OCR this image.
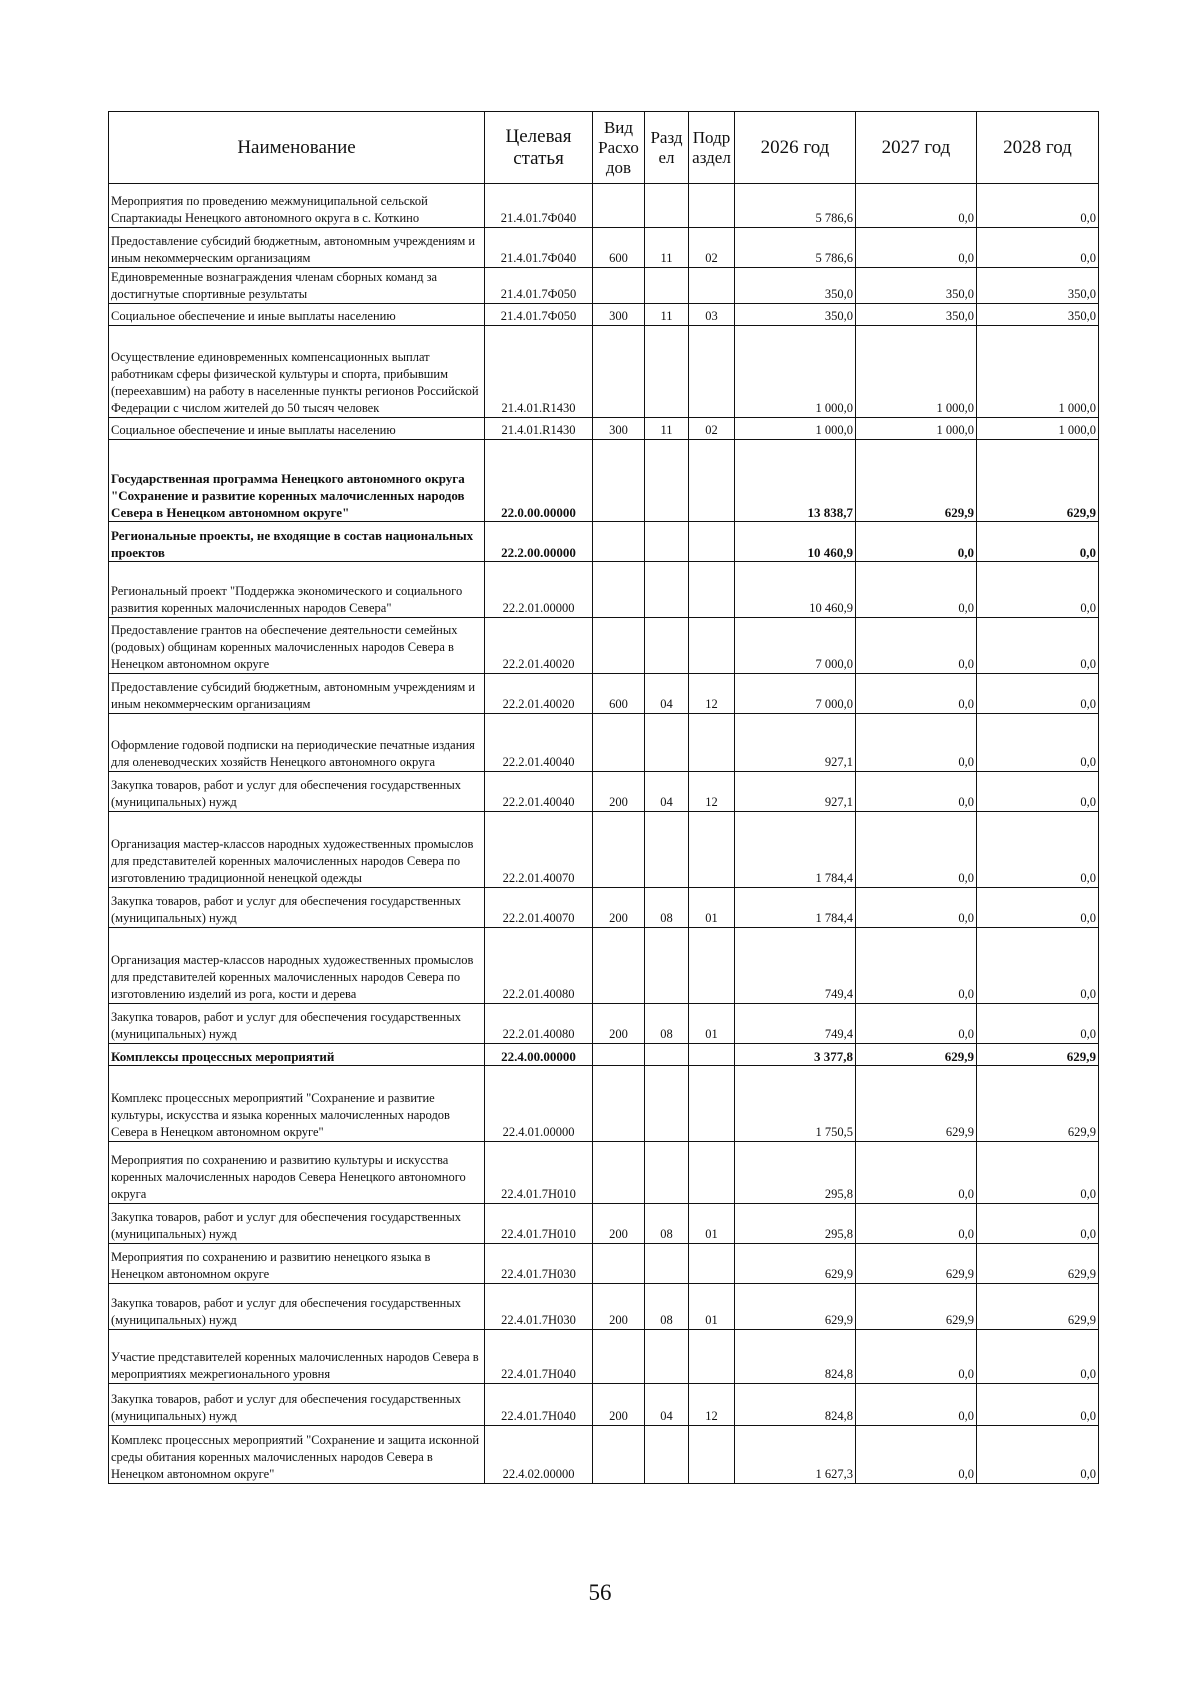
Наименование	Целевая статья	Вид Расхо дов	Разд ел	Подр аздел	2026 год	2027 год	2028 год
Мероприятия по проведению межмуниципальной сельской Спартакиады Ненецкого автономного округа в с. Коткино	21.4.01.7Ф040				5 786,6	0,0	0,0
Предоставление субсидий бюджетным, автономным учреждениям и иным некоммерческим организациям	21.4.01.7Ф040	600	11	02	5 786,6	0,0	0,0
Единовременные вознаграждения членам сборных команд за достигнутые спортивные результаты	21.4.01.7Ф050				350,0	350,0	350,0
Социальное обеспечение и иные выплаты населению	21.4.01.7Ф050	300	11	03	350,0	350,0	350,0
Осуществление единовременных компенсационных выплат работникам сферы физической культуры и спорта, прибывшим (переехавшим) на работу в населенные пункты регионов Российской Федерации с числом жителей до 50 тысяч человек	21.4.01.R1430				1 000,0	1 000,0	1 000,0
Социальное обеспечение и иные выплаты населению	21.4.01.R1430	300	11	02	1 000,0	1 000,0	1 000,0
Государственная программа Ненецкого автономного округа "Сохранение и развитие коренных малочисленных народов Севера в Ненецком автономном округе"	22.0.00.00000				13 838,7	629,9	629,9
Региональные проекты, не входящие в состав национальных проектов	22.2.00.00000				10 460,9	0,0	0,0
Региональный проект "Поддержка экономического и социального развития коренных малочисленных народов Севера"	22.2.01.00000				10 460,9	0,0	0,0
Предоставление грантов на обеспечение деятельности семейных (родовых) общинам коренных малочисленных народов Севера в Ненецком автономном округе	22.2.01.40020				7 000,0	0,0	0,0
Предоставление субсидий бюджетным, автономным учреждениям и иным некоммерческим организациям	22.2.01.40020	600	04	12	7 000,0	0,0	0,0
Оформление годовой подписки на периодические печатные издания для оленеводческих хозяйств Ненецкого автономного округа	22.2.01.40040				927,1	0,0	0,0
Закупка товаров, работ и услуг для обеспечения государственных (муниципальных) нужд	22.2.01.40040	200	04	12	927,1	0,0	0,0
Организация мастер-классов народных художественных промыслов для представителей коренных малочисленных народов Севера по изготовлению традиционной ненецкой одежды	22.2.01.40070				1 784,4	0,0	0,0
Закупка товаров, работ и услуг для обеспечения государственных (муниципальных) нужд	22.2.01.40070	200	08	01	1 784,4	0,0	0,0
Организация мастер-классов народных художественных промыслов для представителей коренных малочисленных народов Севера по изготовлению изделий из рога, кости и дерева	22.2.01.40080				749,4	0,0	0,0
Закупка товаров, работ и услуг для обеспечения государственных (муниципальных) нужд	22.2.01.40080	200	08	01	749,4	0,0	0,0
Комплексы процессных мероприятий	22.4.00.00000				3 377,8	629,9	629,9
Комплекс процессных мероприятий "Сохранение и развитие культуры, искусства и языка коренных малочисленных народов Севера в Ненецком автономном округе"	22.4.01.00000				1 750,5	629,9	629,9
Мероприятия по сохранению и развитию культуры и искусства коренных малочисленных народов Севера Ненецкого автономного округа	22.4.01.7Н010				295,8	0,0	0,0
Закупка товаров, работ и услуг для обеспечения государственных (муниципальных) нужд	22.4.01.7Н010	200	08	01	295,8	0,0	0,0
Мероприятия по сохранению и развитию ненецкого языка в Ненецком автономном округе	22.4.01.7Н030				629,9	629,9	629,9
Закупка товаров, работ и услуг для обеспечения государственных (муниципальных) нужд	22.4.01.7Н030	200	08	01	629,9	629,9	629,9
Участие представителей коренных малочисленных народов Севера в мероприятиях межрегионального уровня	22.4.01.7Н040				824,8	0,0	0,0
Закупка товаров, работ и услуг для обеспечения государственных (муниципальных) нужд	22.4.01.7Н040	200	04	12	824,8	0,0	0,0
Комплекс процессных мероприятий "Сохранение и защита исконной среды обитания коренных малочисленных народов Севера в Ненецком автономном округе"	22.4.02.00000				1 627,3	0,0	0,0
56
